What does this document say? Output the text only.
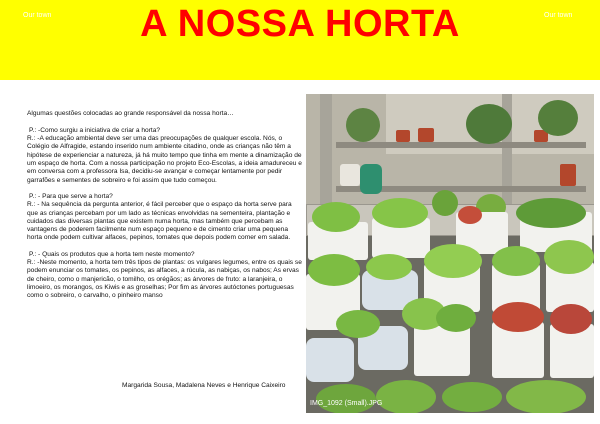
Our town	A NOSSA HORTA	Our town

Algumas questões colocadas ao grande responsável da nossa horta…

P.: -Como surgiu a iniciativa de criar a horta?

R.: -A educação ambiental deve ser uma das preocupações de qualquer escola. Nós, o Colégio de Alfragide, estando inserido num ambiente citadino, onde as crianças não têm a hipótese de experienciar a natureza, já há muito tempo que tinha em mente a dinamização de um espaço de horta. Com a nossa participação no projeto Eco-Escolas, a ideia amadureceu e em conversa com a professora Isa, decidiu-se avançar e começar lentamente por pedir garrafões e sementes de sobreiro e foi assim que tudo começou.

P.: - Para que serve a horta?

R.: - Na sequência da pergunta anterior, é fácil perceber que o espaço da horta serve para que as crianças percebam por um lado as técnicas envolvidas na sementeira, plantação e cuidados das diversas plantas que existem numa horta, mas também que percebam as vantagens de poderem facilmente num espaço pequeno e de cimento criar uma pequena horta onde podem cultivar alfaces, pepinos, tomates que depois podem comer em salada.

P.: - Quais os produtos que a horta tem neste momento?

R.: -Neste momento, a horta tem três tipos de plantas: os vulgares legumes, entre os quais se podem enunciar os tomates, os pepinos, as alfaces, a rúcula, as nabiças, os nabos; As ervas de cheiro, como o manjericão, o tomilho, os orégãos; as árvores de fruto: a laranjeira, o limoeiro, os morangos, os Kiwis e as groselhas; Por fim as árvores autóctones portuguesas como o sobreiro, o carvalho, o pinheiro manso

Margarida Sousa, Madalena Neves e Henrique Caixeiro
IMG_1092 (Small).JPG
